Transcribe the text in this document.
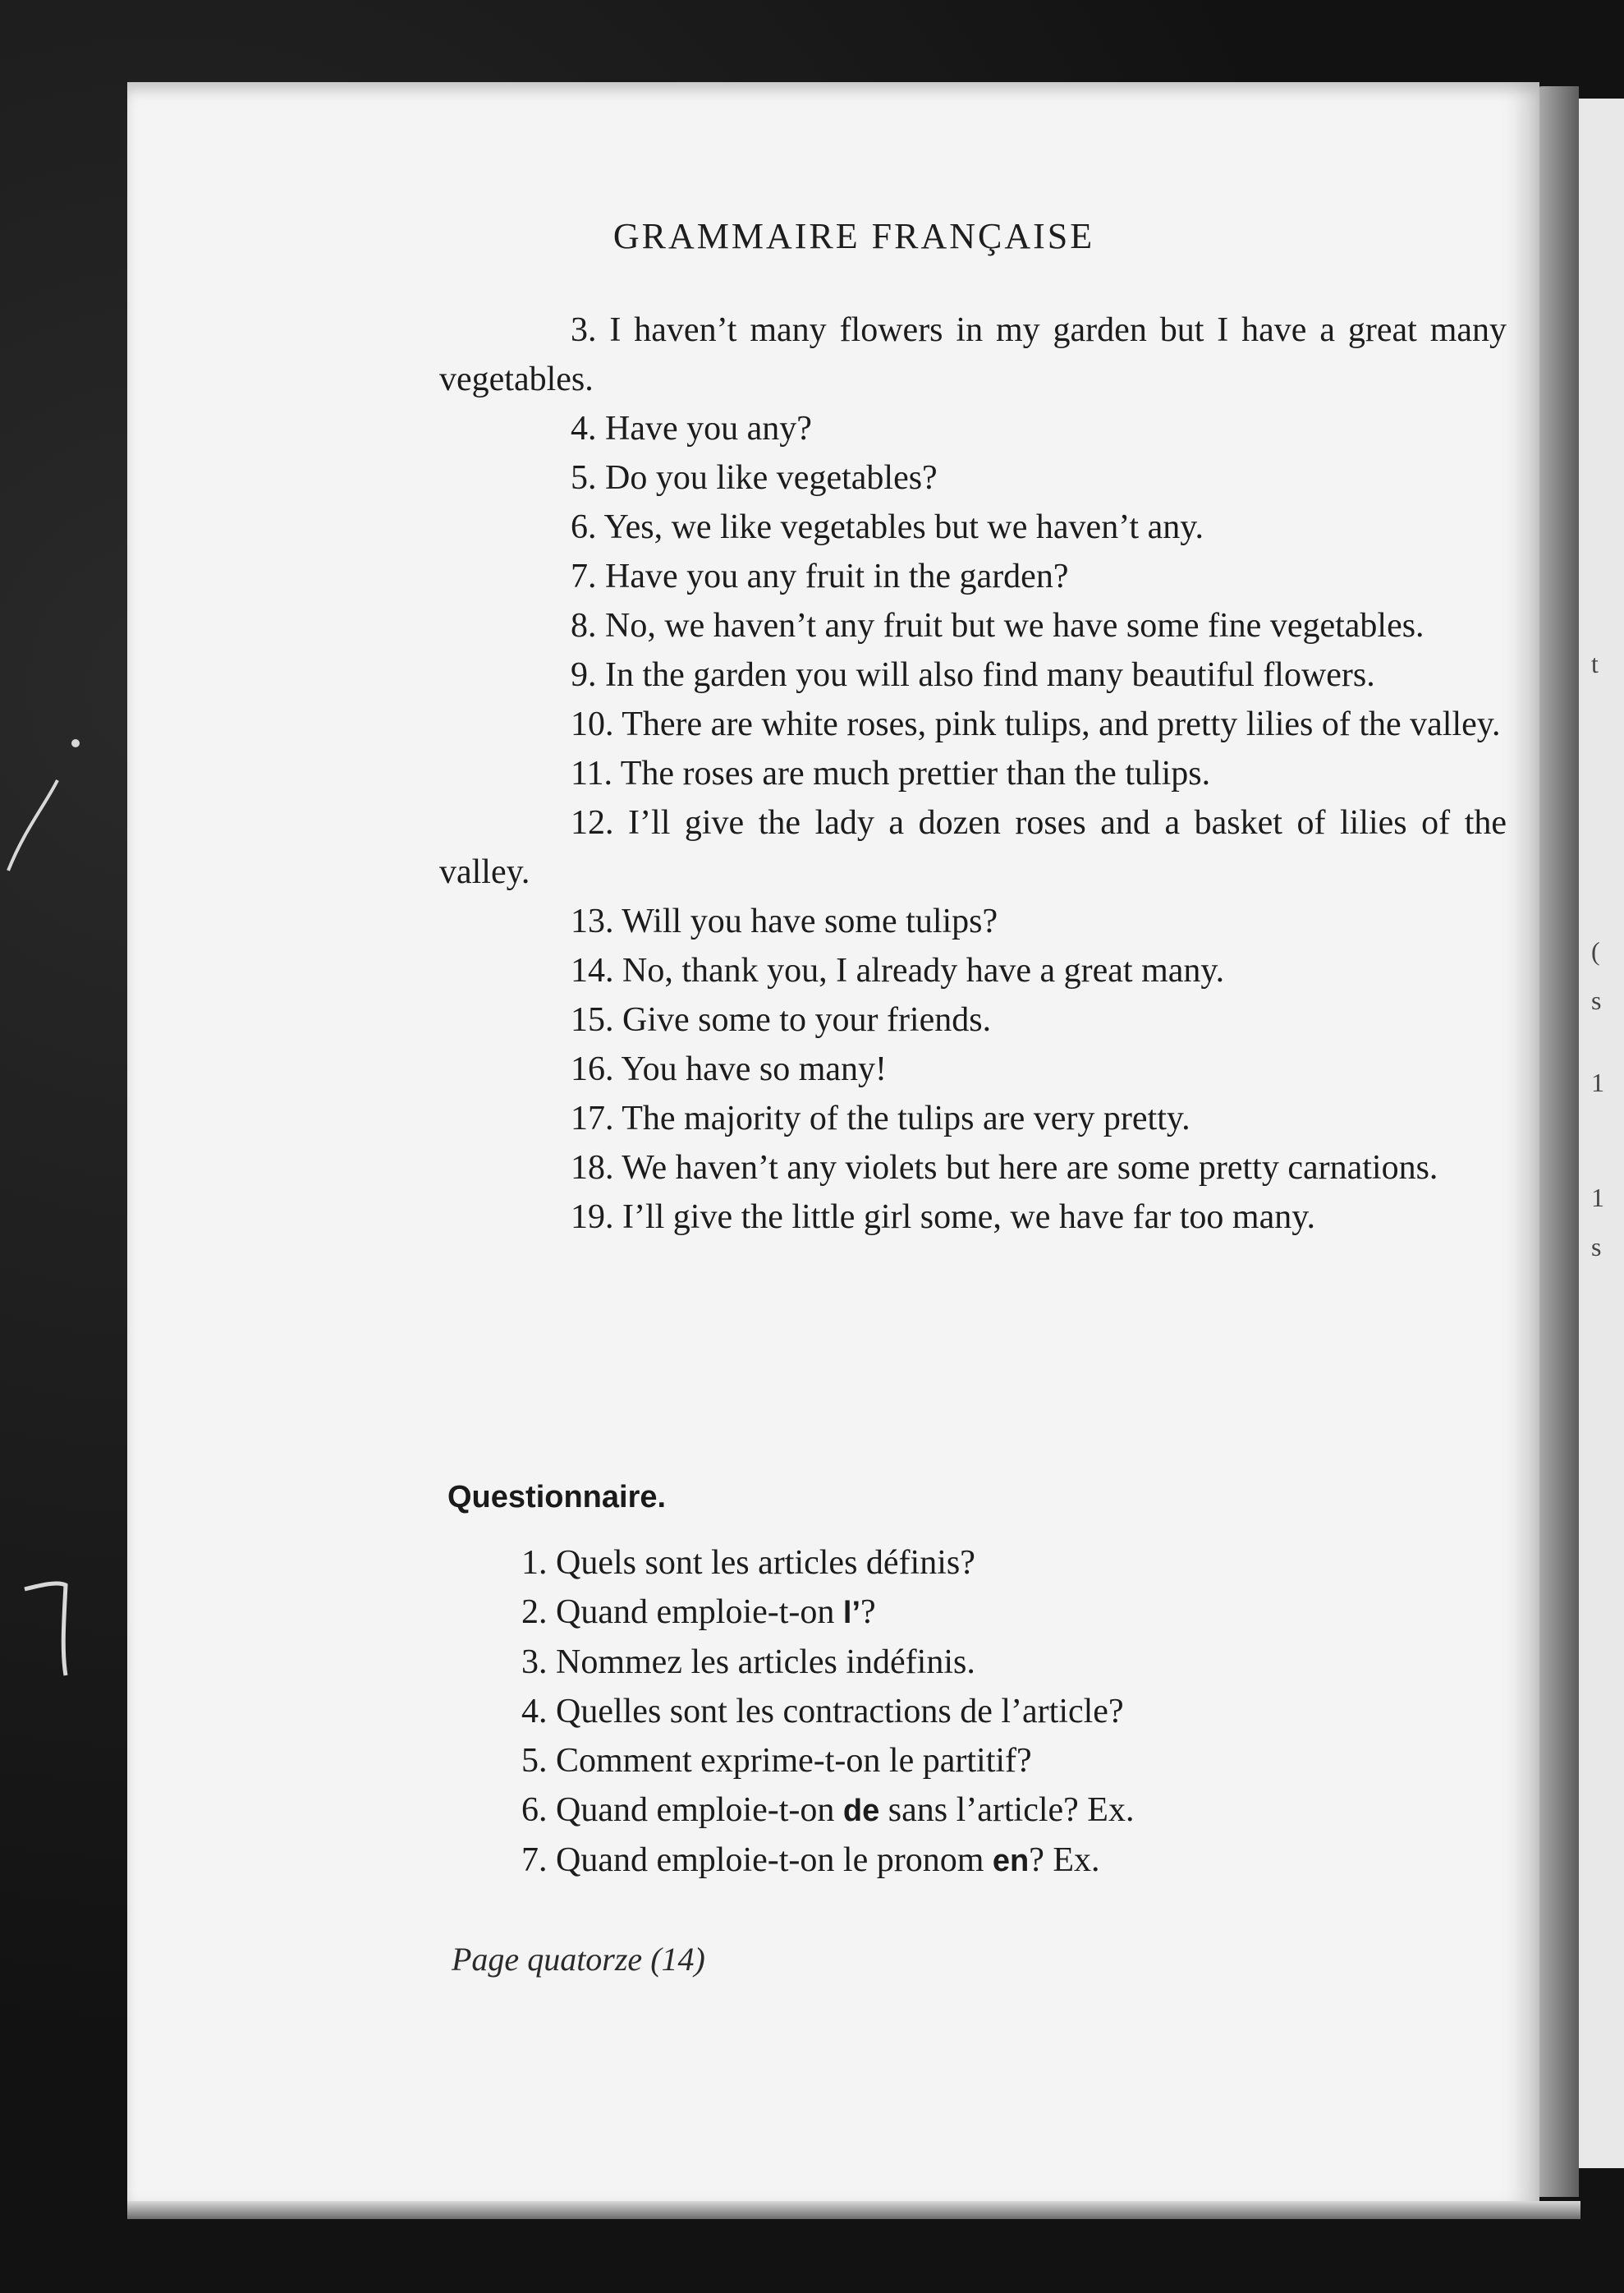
t
(
s
1
1
s
GRAMMAIRE FRANÇAISE

3. I haven’t many flowers in my garden but I have a great many vegetables.

4. Have you any?

5. Do you like vegetables?

6. Yes, we like vegetables but we haven’t any.

7. Have you any fruit in the garden?

8. No, we haven’t any fruit but we have some fine vegetables.

9. In the garden you will also find many beautiful flowers.

10. There are white roses, pink tulips, and pretty lilies of the valley.

11. The roses are much prettier than the tulips.

12. I’ll give the lady a dozen roses and a basket of lilies of the valley.

13. Will you have some tulips?

14. No, thank you, I already have a great many.

15. Give some to your friends.

16. You have so many!

17. The majority of the tulips are very pretty.

18. We haven’t any violets but here are some pretty carnations.

19. I’ll give the little girl some, we have far too many.

Questionnaire.

1. Quels sont les articles définis?

2. Quand emploie-t-on l’?

3. Nommez les articles indéfinis.

4. Quelles sont les contractions de l’article?

5. Comment exprime-t-on le partitif?

6. Quand emploie-t-on de sans l’article? Ex.

7. Quand emploie-t-on le pronom en? Ex.

Page quatorze (14)
